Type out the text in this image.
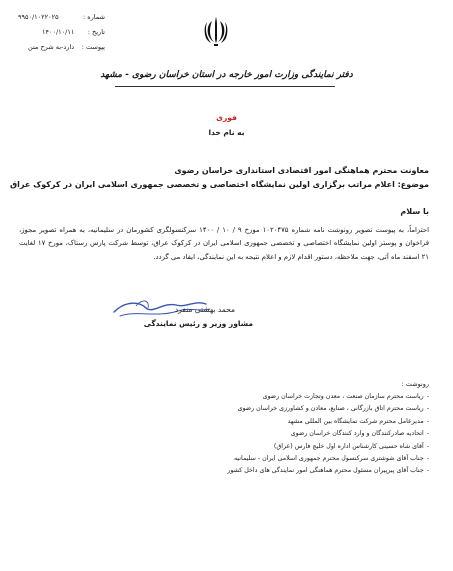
شماره :
۹۹۵۰/۱۰۲۲۰۲۵
تاریخ :
۱۴۰۰/۱۰/۱۱
پیوست :
دارد-به شرح متن
دفتر نمایندگی وزارت امور خارجه در استان خراسان رضوی - مشهد
فوری
به نام خدا
معاونت محترم هماهنگی امور اقتصادی استانداری خراسان رضوی
موضوع: اعلام مراتب برگزاری اولین نمایشگاه اختصاصی و تخصصی جمهوری اسلامی ایران در کرکوک عراق
با سلام
احتراماً، به پیوست تصویر رونوشت نامه شماره ۱۰۲۰۴۷۵ مورخ ۹ / ۱۰ / ۱۴۰۰ سرکنسولگری کشورمان در سلیمانیه، به همراه تصویر مجوز، فراخوان و پوستر اولین نمایشگاه اختصاصی و تخصصی جمهوری اسلامی ایران در کرکوک عراق، توسط شرکت پارس رستاک، مورخ ۱۷ لغایت ۲۱ اسفند ماه آتی، جهت ملاحظه، دستور اقدام لازم و اعلام نتیجه به این نمایندگی، ایفاد می گردد.
محمد بهشتی منفرد
مشاور وزیر و رئیس نمایندگی
رونوشت :
-ریاست محترم سازمان صنعت ، معدن وتجارت خراسان رضوی
-ریاست محترم اتاق بازرگانی ، صنایع، معادن و کشاورزی خراسان رضوی
-مدیرعامل محترم شرکت نمایشگاه بین المللی مشهد
-اتحادیه صادرکنندگان و وارد کنندگان خراسان رضوی
-آقای شاه حسینی کارشناس اداره اول خلیج فارس (عراق)
-جناب آقای شوشتری سرکنسول محترم جمهوری اسلامی ایران - سلیمانیه
-جناب آقای پیرپیران مسئول محترم هماهنگی امور نمایندگی های داخل کشور
